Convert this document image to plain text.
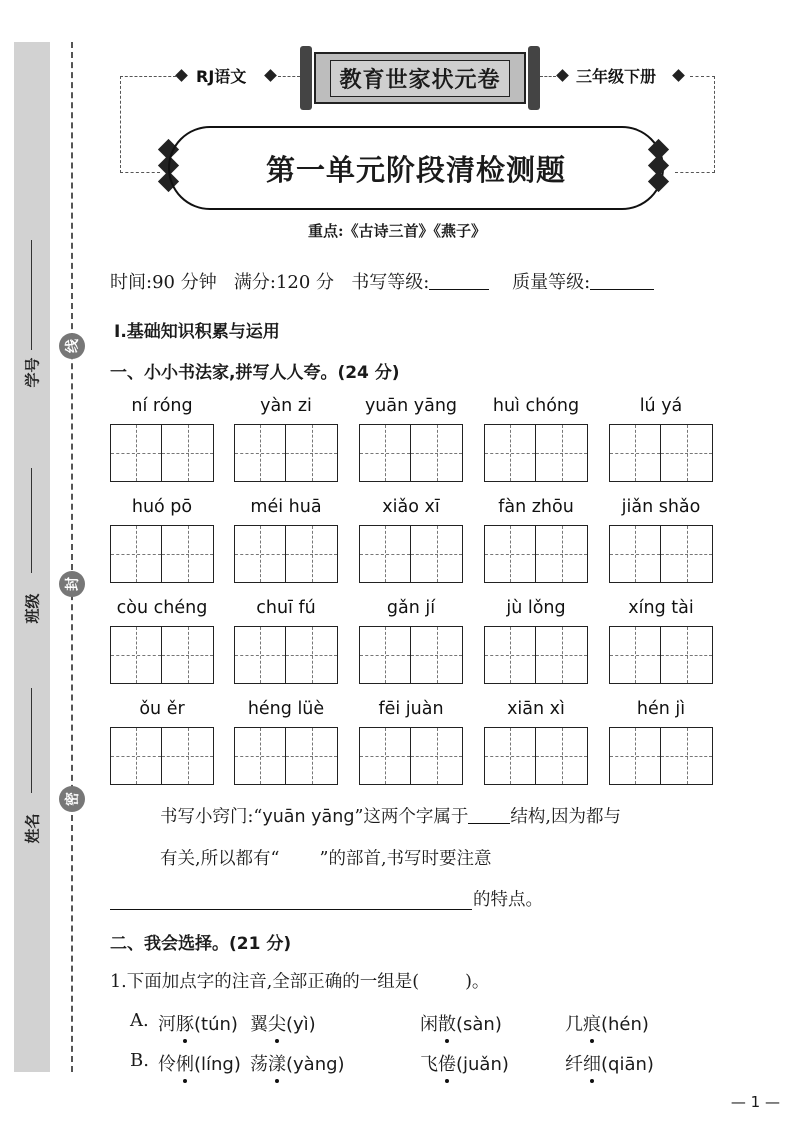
学号
班级
姓名
线
封
密
RJ语文	教育世家状元卷	三年级下册
第一单元阶段清检测题
重点:《古诗三首》《燕子》
时间:90 分钟 满分:120 分 书写等级:	质量等级:
Ⅰ.基础知识积累与运用
一、小小书法家,拼写人人夸。(24 分)
ní róng	yàn zi	yuān yāng	huì chóng	lú yá
huó pō	méi huā	xiǎo xī	fàn zhōu	jiǎn shǎo
còu chéng	chuī fú	gǎn jí	jù lǒng	xíng tài
ǒu ěr	héng lüè	fēi juàn	xiān xì	hén jì
书写小窍门:“yuān yāng”这两个字属于 结构,因为都与
有关,所以都有“ ”的部首,书写时要注意
的特点。
二、我会选择。(21 分)
1.下面加点字的注音,全部正确的一组是(	)。
A. 河豚(tún) 翼尖(yì)	闲散(sàn)	几痕(hén)
B. 伶俐(líng) 荡漾(yàng)	飞倦(juǎn)	纤细(qiān)
— 1 —
